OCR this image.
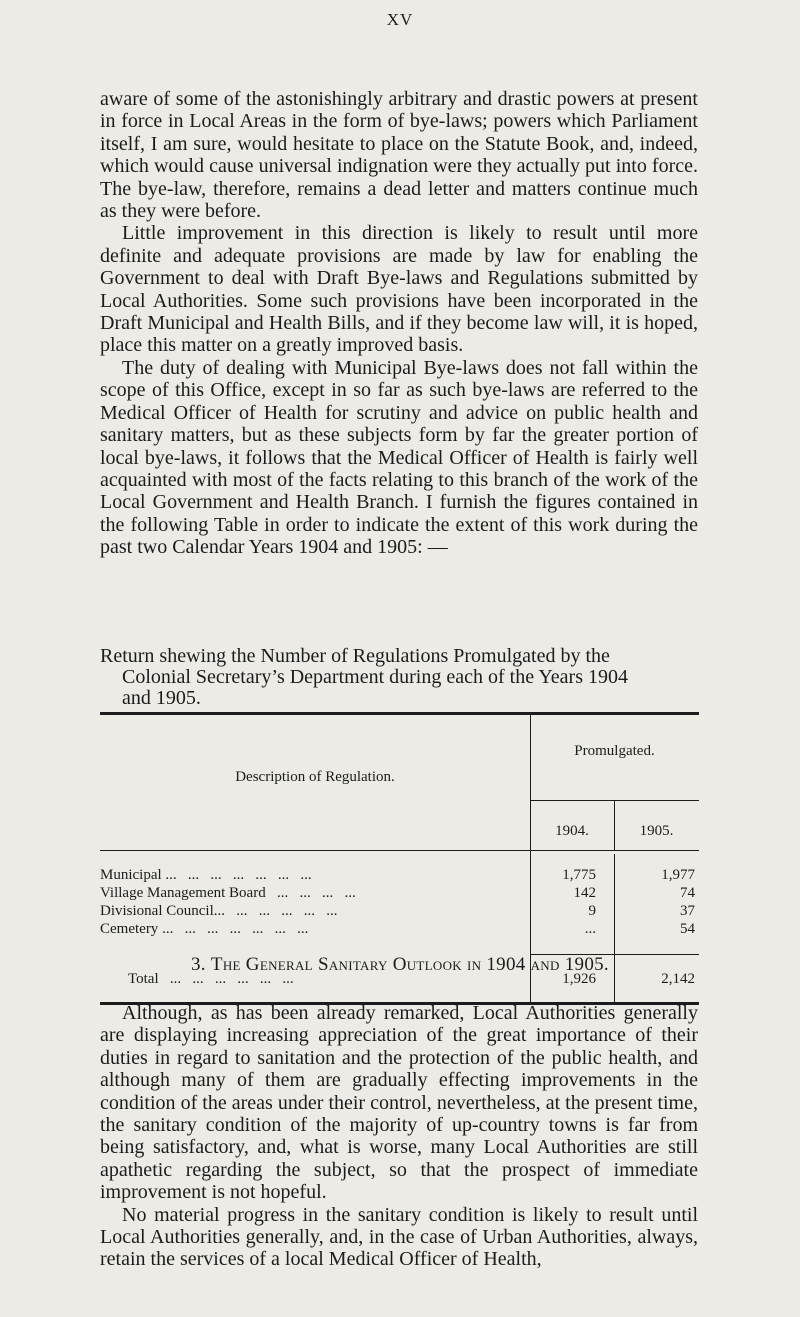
XV

aware of some of the astonishingly arbitrary and drastic powers at present in force in Local Areas in the form of bye-laws; powers which Parliament itself, I am sure, would hesitate to place on the Statute Book, and, indeed, which would cause universal indignation were they actually put into force. The bye-law, therefore, remains a dead letter and matters continue much as they were before.

Little improvement in this direction is likely to result until more definite and adequate provisions are made by law for enabling the Government to deal with Draft Bye-laws and Regulations submitted by Local Authorities. Some such provisions have been incorporated in the Draft Municipal and Health Bills, and if they become law will, it is hoped, place this matter on a greatly improved basis.

The duty of dealing with Municipal Bye-laws does not fall within the scope of this Office, except in so far as such bye-laws are referred to the Medical Officer of Health for scrutiny and advice on public health and sanitary matters, but as these subjects form by far the greater portion of local bye-laws, it follows that the Medical Officer of Health is fairly well acquainted with most of the facts relating to this branch of the work of the Local Government and Health Branch. I furnish the figures contained in the following Table in order to indicate the extent of this work during the past two Calendar Years 1904 and 1905: —

Return shewing the Number of Regulations Promulgated by the
Colonial Secretary’s Department during each of the Years 1904
and 1905.
Description of Regulation.
Promulgated.
1904.	1905.
Municipal ...   ...   ...   ...   ...   ...   ...	1,775	1,977
Village Management Board   ...   ...   ...   ...	142	74
Divisional Council...   ...   ...   ...   ...   ...	9	37
Cemetery ...   ...   ...   ...   ...   ...   ...	...	54
Total   ...   ...   ...   ...   ...   ...	1,926	2,142
3. The General Sanitary Outlook in 1904 and 1905.

Although, as has been already remarked, Local Authorities generally are displaying increasing appreciation of the great importance of their duties in regard to sanitation and the protection of the public health, and although many of them are gradually effecting improvements in the condition of the areas under their control, nevertheless, at the present time, the sanitary condition of the majority of up-country towns is far from being satisfactory, and, what is worse, many Local Authorities are still apathetic regarding the subject, so that the prospect of immediate improvement is not hopeful.

No material progress in the sanitary condition is likely to result until Local Authorities generally, and, in the case of Urban Authorities, always, retain the services of a local Medical Officer of Health,
